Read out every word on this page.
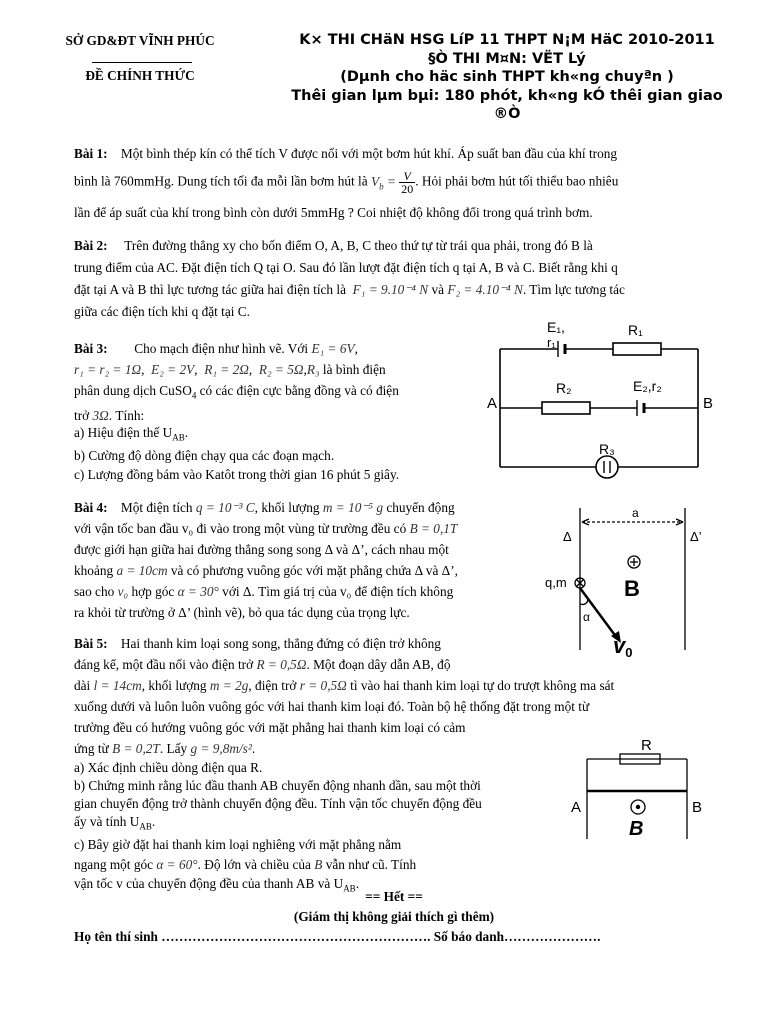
SỞ GD&ĐT VĨNH PHÚC
ĐỀ CHÍNH THỨC
K× THI CHäN HSG LíP 11 THPT N¡M HäC 2010-2011
§Ò THI M¤N: VËT Lý
(Dµnh cho häc sinh THPT kh«ng chuyªn )
Thêi gian lµm bµi: 180 phót, kh«ng kÓ thêi gian giao
®Ò

Bài 1: Một bình thép kín có thể tích V được nối với một bơm hút khí. Áp suất ban đầu của khí trong

bình là 760mmHg. Dung tích tối đa mỗi lần bơm hút là $V_b = \frac{V}{20}$ . Hỏi phải bơm hút tối thiểu bao nhiêu

lần để áp suất của khí trong bình còn dưới 5mmHg ? Coi nhiệt độ không đổi trong quá trình bơm.

Bài 2: Trên đường thẳng xy cho bốn điểm O, A, B, C theo thứ tự từ trái qua phải, trong đó B là

trung điểm của AC. Đặt điện tích Q tại O. Sau đó lần lượt đặt điện tích q tại A, B và C. Biết rằng khi q

đặt tại A và B thì lực tương tác giữa hai điện tích là F₁ = 9.10⁻⁴ N và F₂ = 4.10⁻⁴ N. Tìm lực tương tác

giữa các điện tích khi q đặt tại C.

Bài 3: Cho mạch điện như hình vẽ. Với E₁ = 6V,

r₁ = r₂ = 1Ω, E₂ = 2V, R₁ = 2Ω, R₂ = 5Ω,R₃ là bình điện

phân dung dịch CuSO$_4$ có các điện cực bằng đồng và có điện

trở 3Ω. Tính:

a) Hiệu điện thế $U_{AB}$.

b) Cường độ dòng điện chạy qua các đoạn mạch.

c) Lượng đồng bám vào Katôt trong thời gian 16 phút 5 giây.

E₁,
r₁
R₁
R₂	E₂,r₂
A	B
R₃

Bài 4: Một điện tích q = 10⁻³ C, khối lượng m = 10⁻⁵ g chuyển động

với vận tốc ban đầu v₀ đi vào trong một vùng từ trường đều có B = 0,1T

được giới hạn giữa hai đường thẳng song song Δ và Δ’, cách nhau một

khoảng a = 10cm và có phương vuông góc với mặt phẳng chứa Δ và Δ’,

sao cho v₀ hợp góc α = 30° với Δ. Tìm giá trị của v₀ để điện tích không

ra khỏi từ trường ở Δ’ (hình vẽ), bỏ qua tác dụng của trọng lực.

a
Δ	Δ’
q,m	B
α
v0

Bài 5: Hai thanh kim loại song song, thẳng đứng có điện trở không

đáng kể, một đầu nối vào điện trở R = 0,5Ω. Một đoạn dây dẫn AB, độ

dài l = 14cm, khối lượng m = 2g, điện trở r = 0,5Ω tì vào hai thanh kim loại tự do trượt không ma sát

xuống dưới và luôn luôn vuông góc với hai thanh kim loại đó. Toàn bộ hệ thống đặt trong một từ

trường đều có hướng vuông góc với mặt phẳng hai thanh kim loại có cảm

ứng từ B = 0,2T. Lấy g = 9,8m/s².

a) Xác định chiều dòng điện qua R.

b) Chứng minh rằng lúc đầu thanh AB chuyển động nhanh dần, sau một thời

gian chuyển động trở thành chuyển động đều. Tính vận tốc chuyển động đều

ấy và tính $U_{AB}$.

c) Bây giờ đặt hai thanh kim loại nghiêng với mặt phẳng nằm

ngang một góc α = 60°. Độ lớn và chiều của B vẫn như cũ. Tính

vận tốc v của chuyển động đều của thanh AB và $U_{AB}$.

R
A	B
B
== Hết ==
(Giám thị không giải thích gì thêm)
Họ tên thí sinh ……………………………………………………. Số báo danh………………….
